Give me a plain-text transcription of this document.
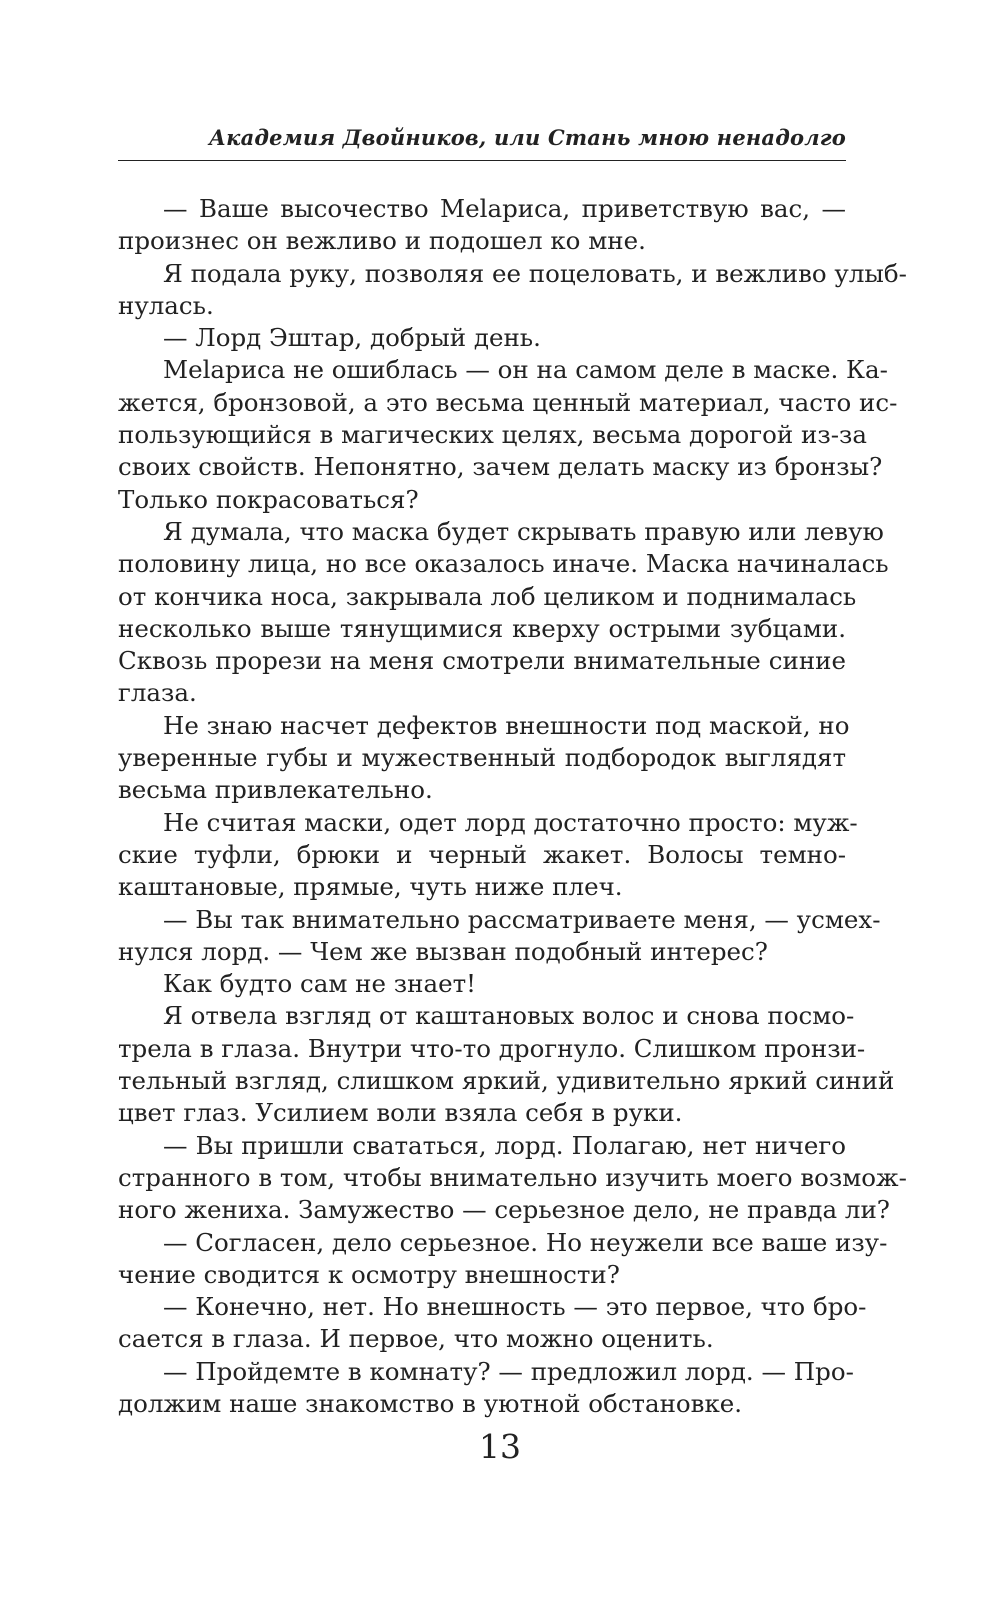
Академия Двойников, или Стань мною ненадолго
— Ваше высочество Melaриса, приветствую вас, —
произнес он вежливо и подошел ко мне.
Я подала руку, позволяя ее поцеловать, и вежливо улыб-
нулась.
— Лорд Эштар, добрый день.
Melaриса не ошиблась — он на самом деле в маске. Ка-
жется, бронзовой, а это весьма ценный материал, часто ис-
пользующийся в магических целях, весьма дорогой из-за
своих свойств. Непонятно, зачем делать маску из бронзы?
Только покрасоваться?
Я думала, что маска будет скрывать правую или левую
половину лица, но все оказалось иначе. Маска начиналась
от кончика носа, закрывала лоб целиком и поднималась
несколько выше тянущимися кверху острыми зубцами.
Сквозь прорези на меня смотрели внимательные синие
глаза.
Не знаю насчет дефектов внешности под маской, но
уверенные губы и мужественный подбородок выглядят
весьма привлекательно.
Не считая маски, одет лорд достаточно просто: муж-
ские туфли, брюки и черный жакет. Волосы темно-
каштановые, прямые, чуть ниже плеч.
— Вы так внимательно рассматриваете меня, — усмех-
нулся лорд. — Чем же вызван подобный интерес?
Как будто сам не знает!
Я отвела взгляд от каштановых волос и снова посмо-
трела в глаза. Внутри что-то дрогнуло. Слишком пронзи-
тельный взгляд, слишком яркий, удивительно яркий синий
цвет глаз. Усилием воли взяла себя в руки.
— Вы пришли свататься, лорд. Полагаю, нет ничего
странного в том, чтобы внимательно изучить моего возмож-
ного жениха. Замужество — серьезное дело, не правда ли?
— Согласен, дело серьезное. Но неужели все ваше изу-
чение сводится к осмотру внешности?
— Конечно, нет. Но внешность — это первое, что бро-
сается в глаза. И первое, что можно оценить.
— Пройдемте в комнату? — предложил лорд. — Про-
должим наше знакомство в уютной обстановке.
13
